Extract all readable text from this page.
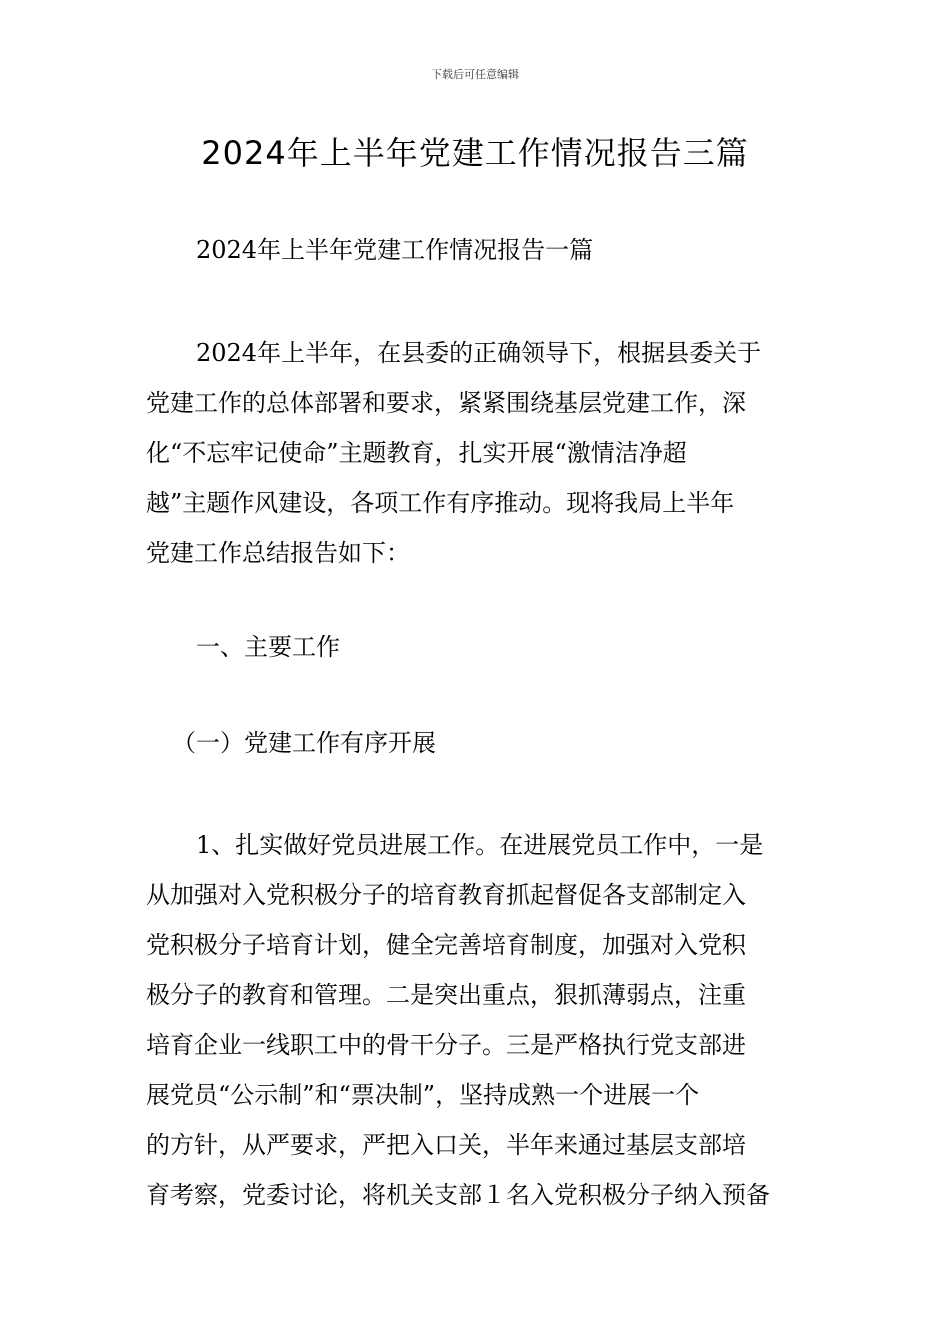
下载后可任意编辑
2024年上半年党建工作情况报告三篇
2024年上半年党建工作情况报告一篇
2024年上半年，在县委的正确领导下，根据县委关于
党建工作的总体部署和要求，紧紧围绕基层党建工作，深
化“不忘牢记使命”主题教育，扎实开展“激情洁净超
越”主题作风建设，各项工作有序推动。现将我局上半年
党建工作总结报告如下：
一、主要工作
（一）党建工作有序开展
1、扎实做好党员进展工作。在进展党员工作中，一是
从加强对入党积极分子的培育教育抓起督促各支部制定入
党积极分子培育计划，健全完善培育制度，加强对入党积
极分子的教育和管理。二是突出重点，狠抓薄弱点，注重
培育企业一线职工中的骨干分子。三是严格执行党支部进
展党员“公示制”和“票决制”，坚持成熟一个进展一个
的方针，从严要求，严把入口关，半年来通过基层支部培
育考察，党委讨论，将机关支部１名入党积极分子纳入预备
